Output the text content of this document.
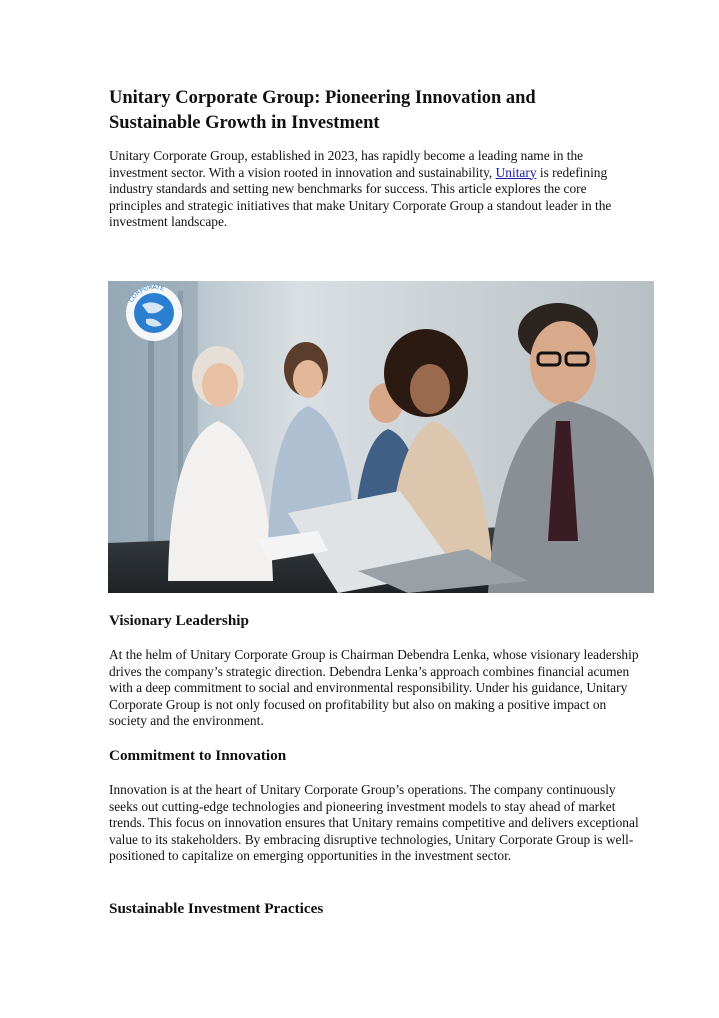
Unitary Corporate Group: Pioneering Innovation and Sustainable Growth in Investment

Unitary Corporate Group, established in 2023, has rapidly become a leading name in the investment sector. With a vision rooted in innovation and sustainability, Unitary is redefining industry standards and setting new benchmarks for success. This article explores the core principles and strategic initiatives that make Unitary Corporate Group a standout leader in the investment landscape.

CORPORATE
Visionary Leadership

At the helm of Unitary Corporate Group is Chairman Debendra Lenka, whose visionary leadership drives the company’s strategic direction. Debendra Lenka’s approach combines financial acumen with a deep commitment to social and environmental responsibility. Under his guidance, Unitary Corporate Group is not only focused on profitability but also on making a positive impact on society and the environment.

Commitment to Innovation

Innovation is at the heart of Unitary Corporate Group’s operations. The company continuously seeks out cutting-edge technologies and pioneering investment models to stay ahead of market trends. This focus on innovation ensures that Unitary remains competitive and delivers exceptional value to its stakeholders. By embracing disruptive technologies, Unitary Corporate Group is well-positioned to capitalize on emerging opportunities in the investment sector.

Sustainable Investment Practices
